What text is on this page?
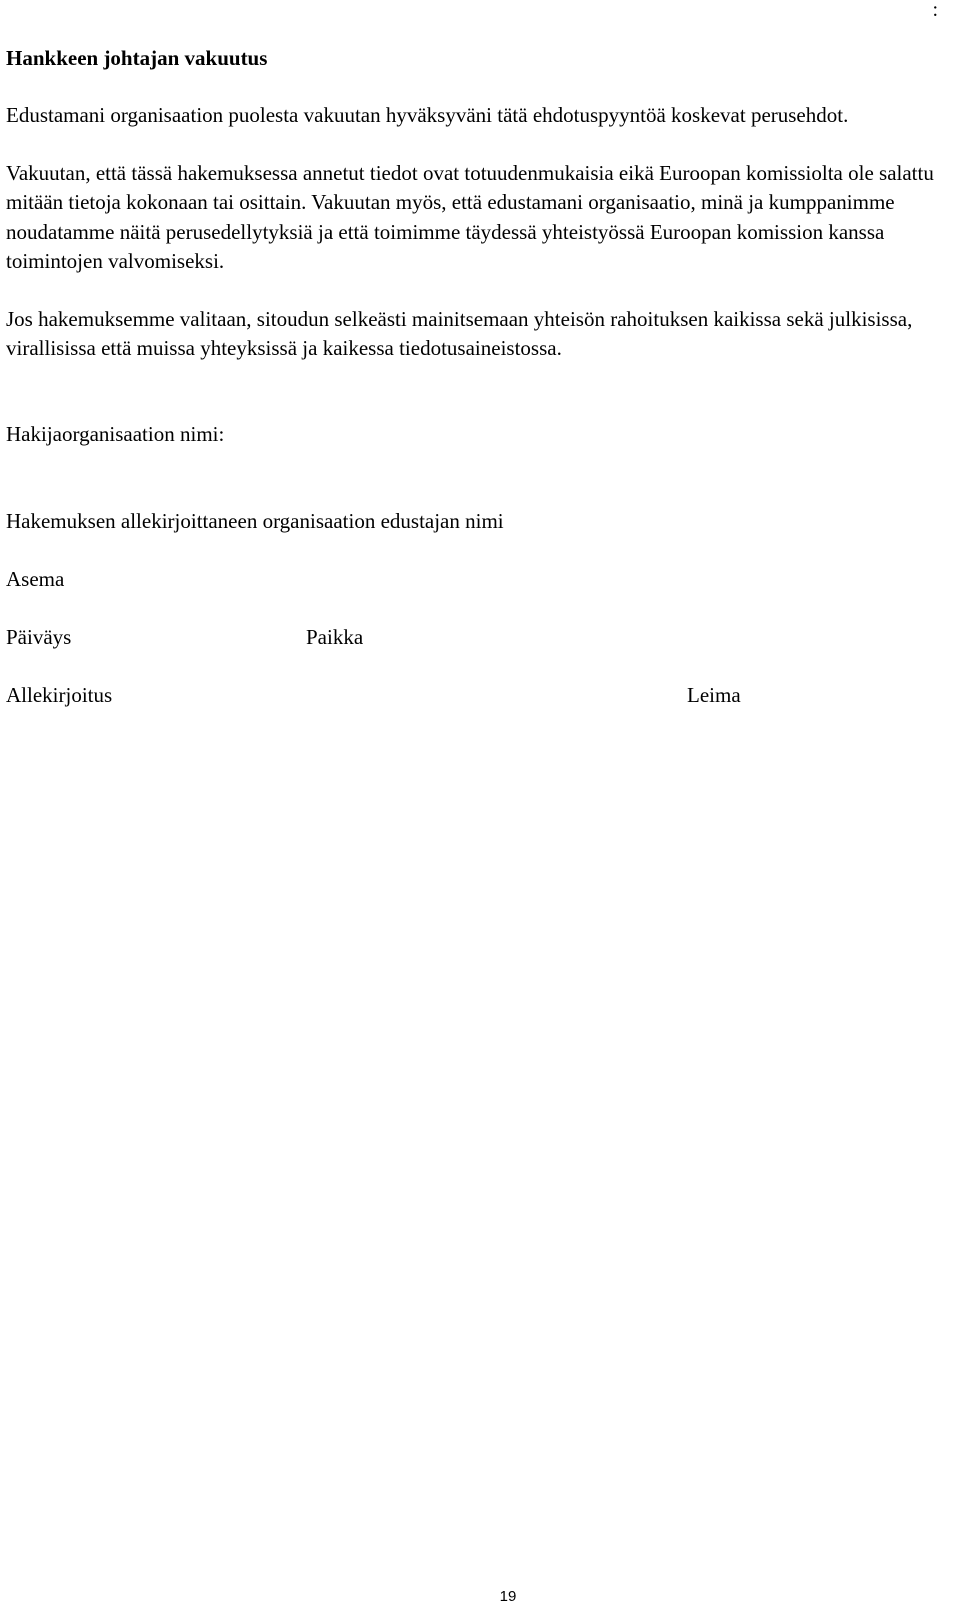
:
Hankkeen johtajan vakuutus

Edustamani organisaation puolesta vakuutan hyväksyväni tätä ehdotuspyyntöä koskevat perusehdot.

Vakuutan, että tässä hakemuksessa annetut tiedot ovat totuudenmukaisia eikä Euroopan komissiolta ole salattu mitään tietoja kokonaan tai osittain. Vakuutan myös, että edustamani organisaatio, minä ja kumppanimme noudatamme näitä perusedellytyksiä ja että toimimme täydessä yhteistyössä Euroopan komission kanssa toimintojen valvomiseksi.

Jos hakemuksemme valitaan, sitoudun selkeästi mainitsemaan yhteisön rahoituksen kaikissa sekä julkisissa, virallisissa että muissa yhteyksissä ja kaikessa tiedotusaineistossa.

Hakijaorganisaation nimi:
Hakemuksen allekirjoittaneen organisaation edustajan nimi
Asema
Päiväys	Paikka
Allekirjoitus	Leima
19
